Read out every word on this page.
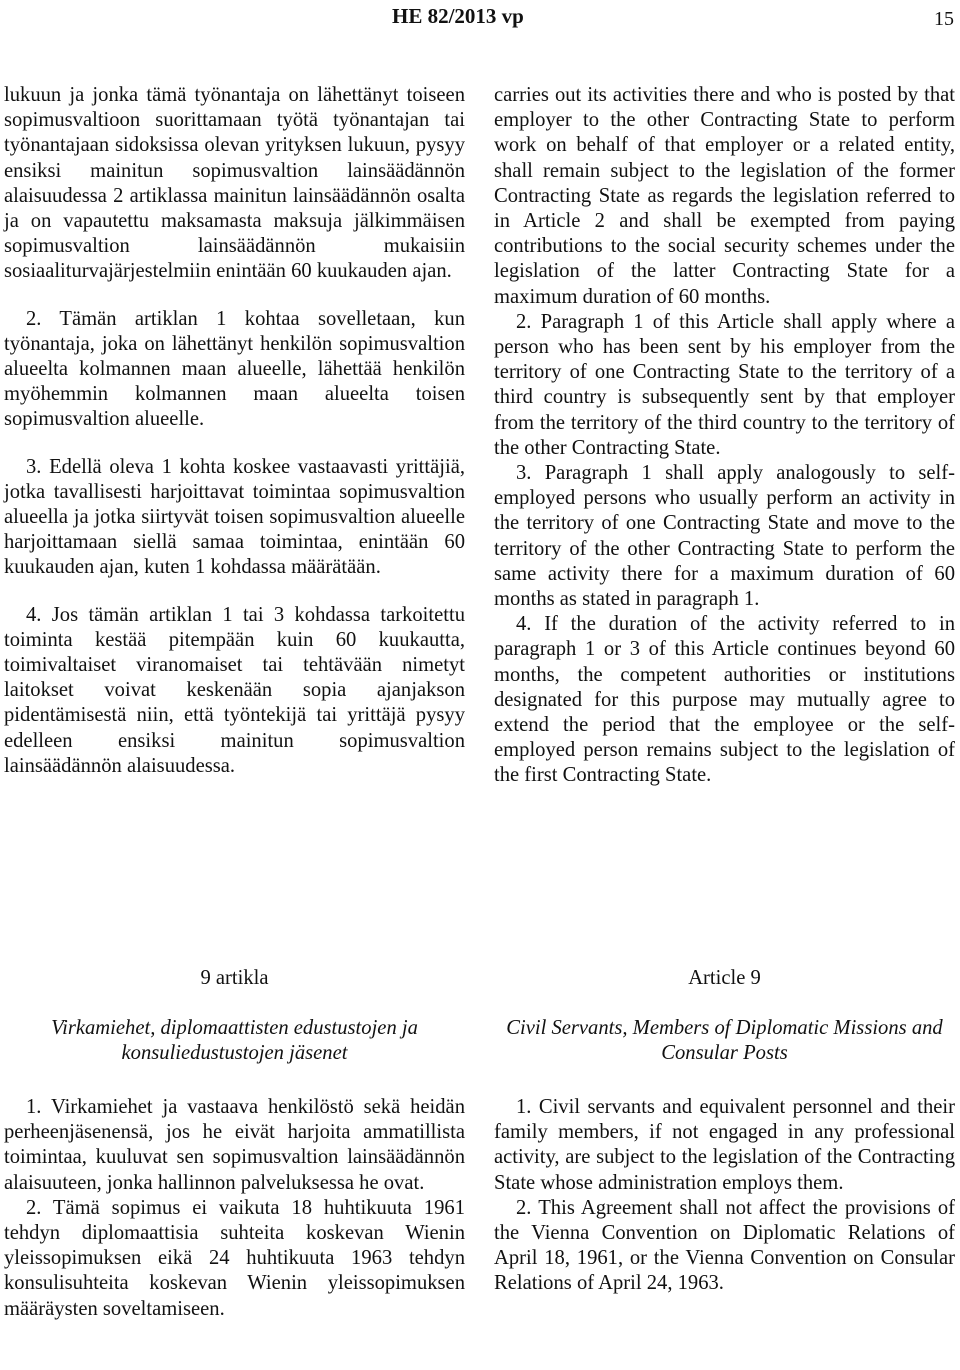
HE 82/2013 vp	15

lukuun ja jonka tämä työnantaja on lähettänyt toiseen sopimusvaltioon suorittamaan työtä työnantajan tai työnantajaan sidoksissa olevan yrityksen lukuun, pysyy ensiksi mainitun sopimusvaltion lainsäädännön alaisuudessa 2 artiklassa mainitun lainsäädännön osalta ja on vapautettu maksamasta maksuja jälkimmäisen sopimusvaltion lainsäädännön mukaisiin sosiaaliturvajärjestelmiin enintään 60 kuukauden ajan.

2. Tämän artiklan 1 kohtaa sovelletaan, kun työnantaja, joka on lähettänyt henkilön sopimusvaltion alueelta kolmannen maan alueelle, lähettää henkilön myöhemmin kolmannen maan alueelta toisen sopimusvaltion alueelle.

3. Edellä oleva 1 kohta koskee vastaavasti yrittäjiä, jotka tavallisesti harjoittavat toimintaa sopimusvaltion alueella ja jotka siirtyvät toisen sopimusvaltion alueelle harjoittamaan siellä samaa toimintaa, enintään 60 kuukauden ajan, kuten 1 kohdassa määrätään.

4. Jos tämän artiklan 1 tai 3 kohdassa tarkoitettu toiminta kestää pitempään kuin 60 kuukautta, toimivaltaiset viranomaiset tai tehtävään nimetyt laitokset voivat keskenään sopia ajanjakson pidentämisestä niin, että työntekijä tai yrittäjä pysyy edelleen ensiksi mainitun sopimusvaltion lainsäädännön alaisuudessa.

carries out its activities there and who is posted by that employer to the other Contracting State to perform work on behalf of that employer or a related entity, shall remain subject to the legislation of the former Contracting State as regards the legislation referred to in Article 2 and shall be exempted from paying contributions to the social security schemes under the legislation of the latter Contracting State for a maximum duration of 60 months.

2. Paragraph 1 of this Article shall apply where a person who has been sent by his employer from the territory of one Contracting State to the territory of a third country is subsequently sent by that employer from the territory of the third country to the territory of the other Contracting State.

3. Paragraph 1 shall apply analogously to self-employed persons who usually perform an activity in the territory of one Contracting State and move to the territory of the other Contracting State to perform the same activity there for a maximum duration of 60 months as stated in paragraph 1.

4. If the duration of the activity referred to in paragraph 1 or 3 of this Article continues beyond 60 months, the competent authorities or institutions designated for this purpose may mutually agree to extend the period that the employee or the self-employed person remains subject to the legislation of the first Contracting State.

9 artikla	Article 9
Virkamiehet, diplomaattisten edustustojen ja konsuliedustustojen jäsenet
Civil Servants, Members of Diplomatic Missions and Consular Posts

1. Virkamiehet ja vastaava henkilöstö sekä heidän perheenjäsenensä, jos he eivät harjoita ammatillista toimintaa, kuuluvat sen sopimusvaltion lainsäädännön alaisuuteen, jonka hallinnon palveluksessa he ovat.

2. Tämä sopimus ei vaikuta 18 huhtikuuta 1961 tehdyn diplomaattisia suhteita koskevan Wienin yleissopimuksen eikä 24 huhtikuuta 1963 tehdyn konsulisuhteita koskevan Wienin yleissopimuksen määräysten soveltamiseen.

1. Civil servants and equivalent personnel and their family members, if not engaged in any professional activity, are subject to the legislation of the Contracting State whose administration employs them.

2. This Agreement shall not affect the provisions of the Vienna Convention on Diplomatic Relations of April 18, 1961, or the Vienna Convention on Consular Relations of April 24, 1963.
